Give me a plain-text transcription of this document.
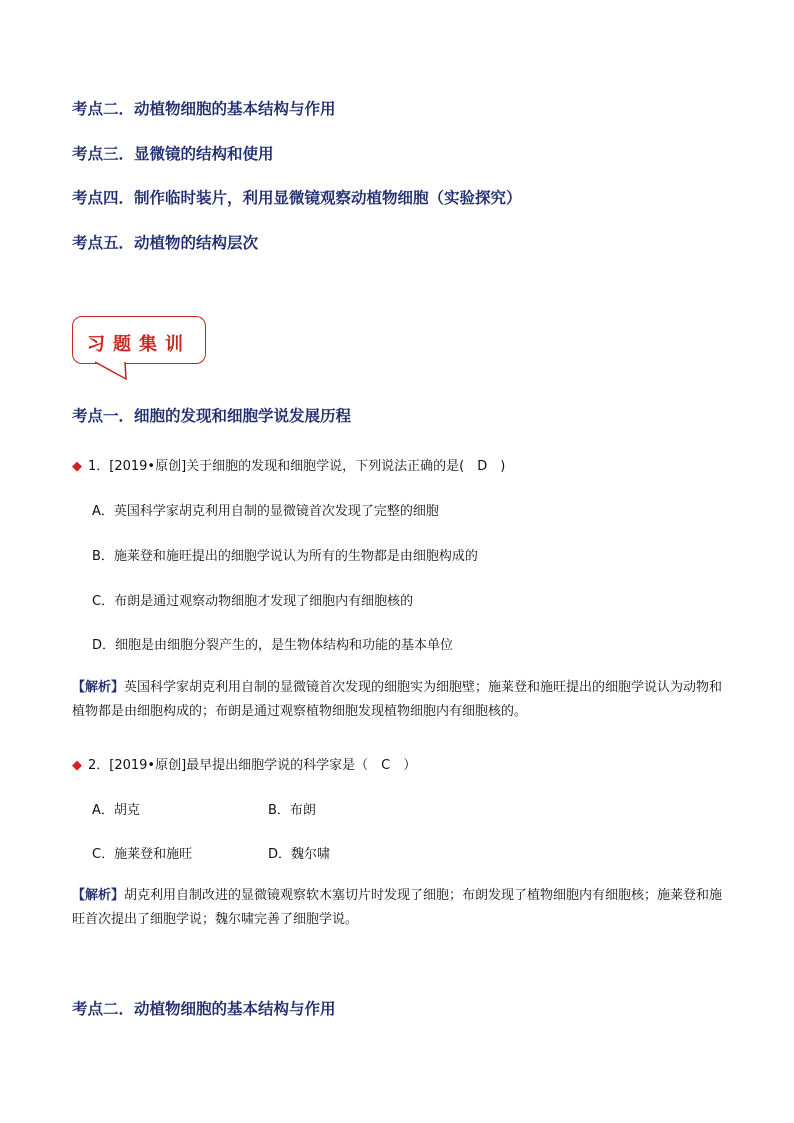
考点二．动植物细胞的基本结构与作用
考点三．显微镜的结构和使用
考点四．制作临时装片，利用显微镜观察动植物细胞（实验探究）
考点五．动植物的结构层次
习题集训
考点一．细胞的发现和细胞学说发展历程
◆ 1．[2019•原创]关于细胞的发现和细胞学说，下列说法正确的是(　D　)
A．英国科学家胡克利用自制的显微镜首次发现了完整的细胞
B．施莱登和施旺提出的细胞学说认为所有的生物都是由细胞构成的
C．布朗是通过观察动物细胞才发现了细胞内有细胞核的
D．细胞是由细胞分裂产生的，是生物体结构和功能的基本单位
【解析】英国科学家胡克利用自制的显微镜首次发现的细胞实为细胞壁；施莱登和施旺提出的细胞学说认为动物和植物都是由细胞构成的；布朗是通过观察植物细胞发现植物细胞内有细胞核的。
◆ 2．[2019•原创]最早提出细胞学说的科学家是（　C　）
A．胡克	B．布朗
C．施莱登和施旺	D．魏尔啸
【解析】胡克利用自制改进的显微镜观察软木塞切片时发现了细胞；布朗发现了植物细胞内有细胞核；施莱登和施旺首次提出了细胞学说；魏尔啸完善了细胞学说。
考点二．动植物细胞的基本结构与作用
